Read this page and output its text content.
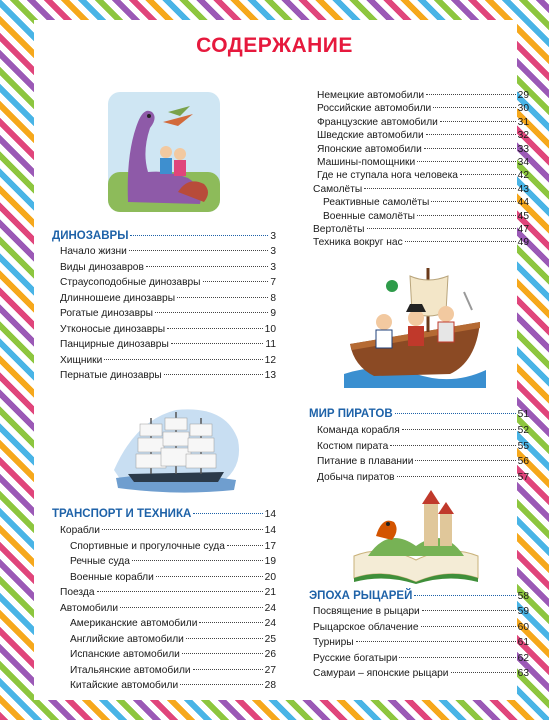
СОДЕРЖАНИЕ
ДИНОЗАВРЫ	3
Начало жизни	3
Виды динозавров	3
Страусоподобные динозавры	7
Длинношеие динозавры	8
Рогатые динозавры	9
Утконосые динозавры	10
Панцирные динозавры	11
Хищники	12
Пернатые динозавры	13
ТРАНСПОРТ И ТЕХНИКА	14
Корабли	14
Спортивные и прогулочные суда	17
Речные суда	19
Военные корабли	20
Поезда	21
Автомобили	24
Американские автомобили	24
Английские автомобили	25
Испанские автомобили	26
Итальянские автомобили	27
Китайские автомобили	28
Немецкие автомобили	29
Российские автомобили	30
Французские автомобили	31
Шведские автомобили	32
Японские автомобили	33
Машины-помощники	34
Где не ступала нога человека	42
Самолёты	43
Реактивные самолёты	44
Военные самолёты	45
Вертолёты	47
Техника вокруг нас	49
МИР ПИРАТОВ	51
Команда корабля	52
Костюм пирата	55
Питание в плавании	56
Добыча пиратов	57
ЭПОХА РЫЦАРЕЙ	58
Посвящение в рыцари	59
Рыцарское облачение	60
Турниры	61
Русские богатыри	62
Самураи – японские рыцари	63
